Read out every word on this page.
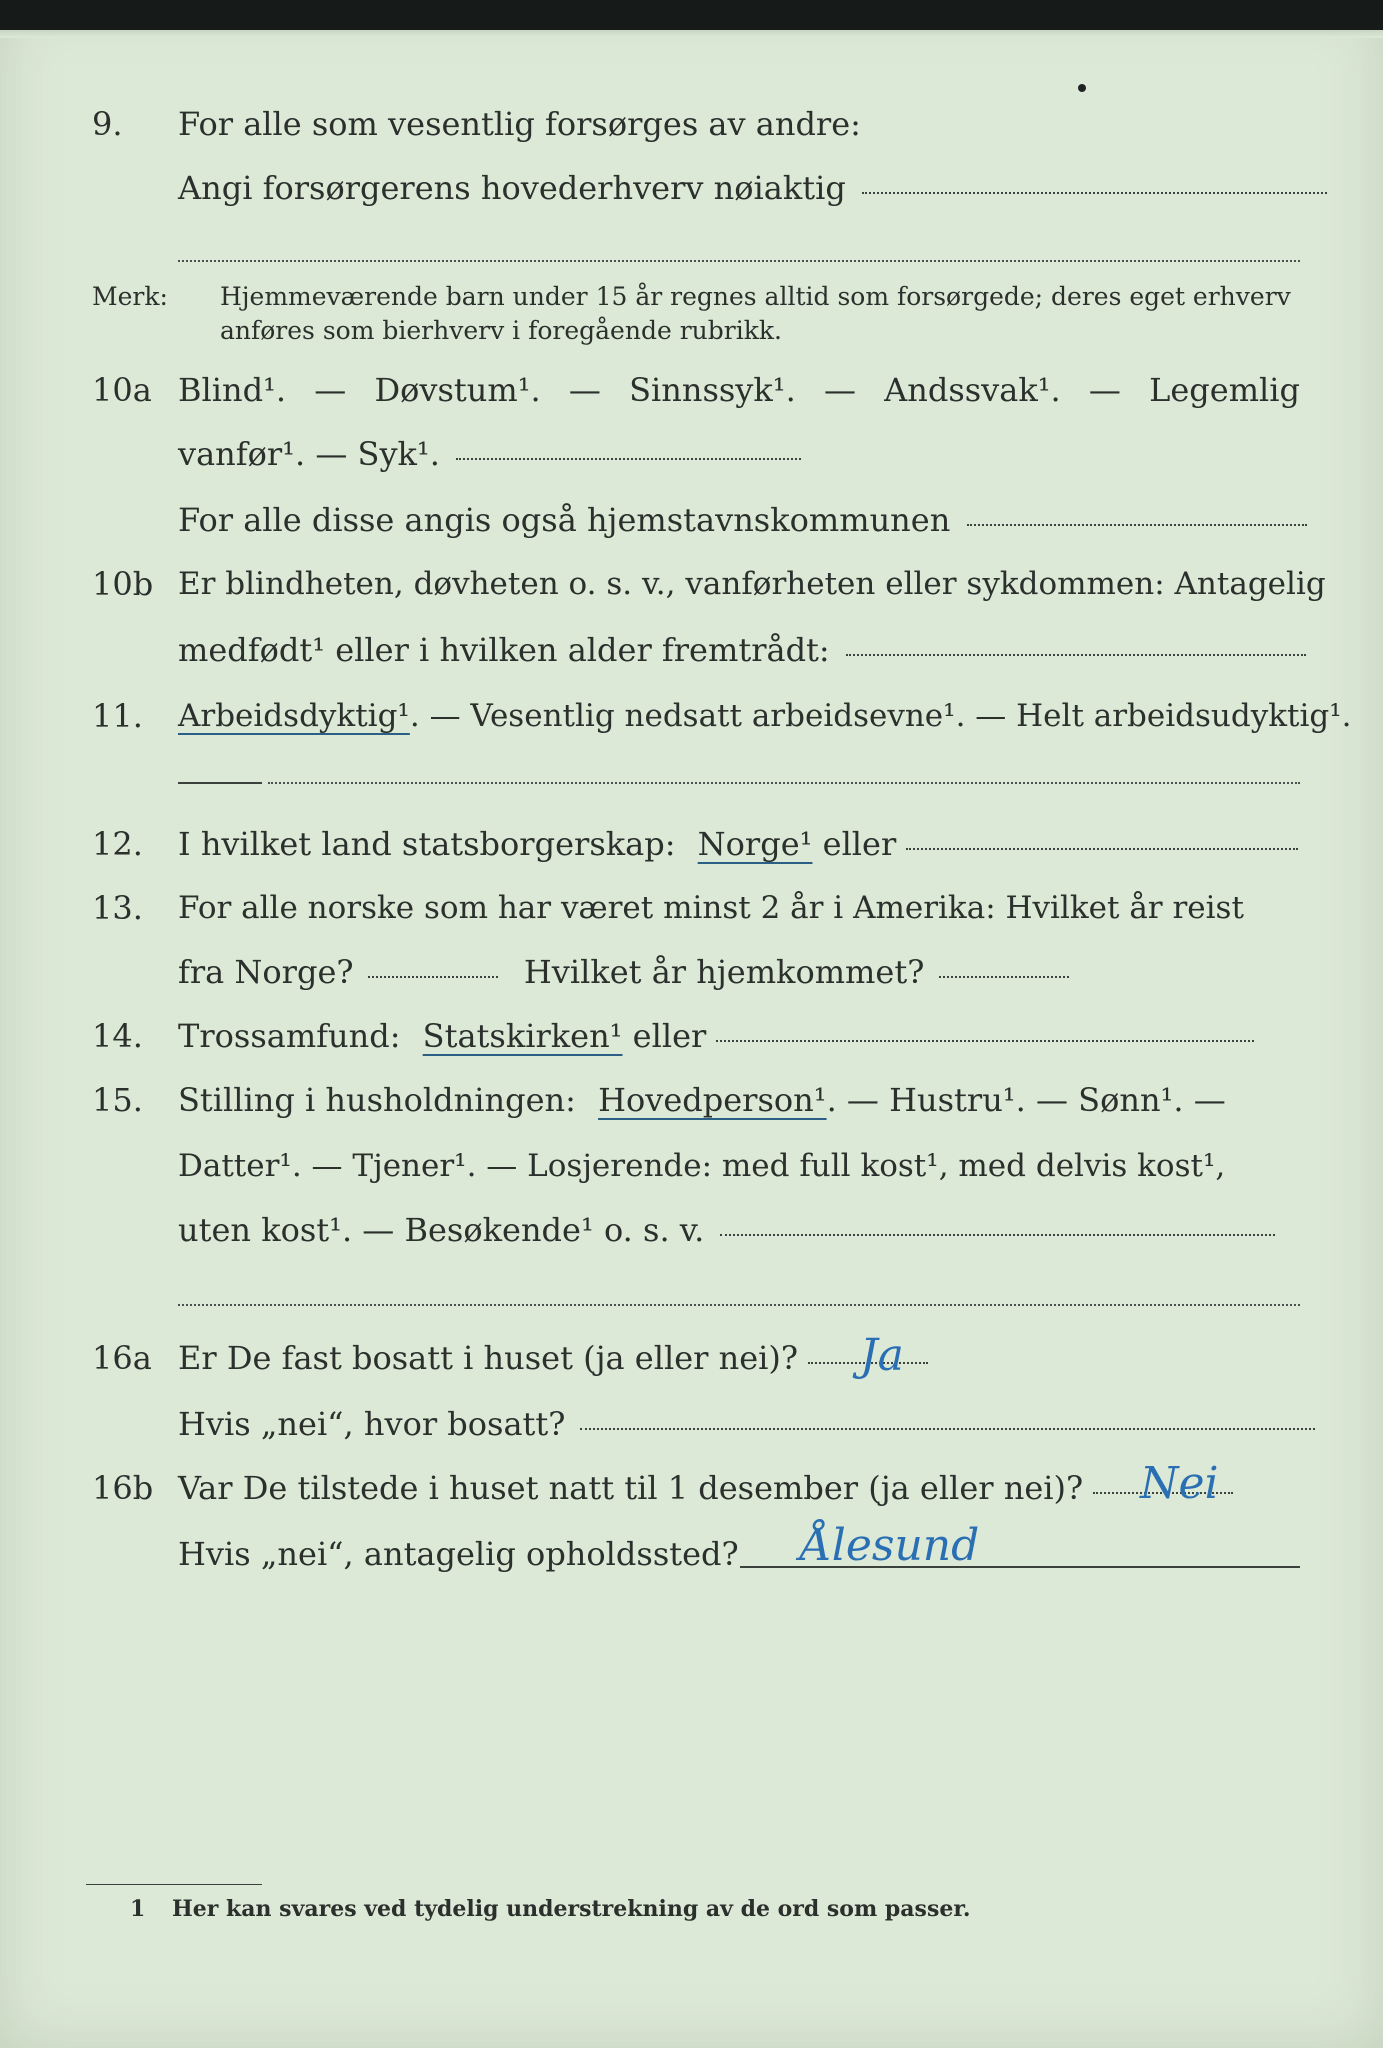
9. For alle som vesentlig forsørges av andre:
Angi forsørgerens hovederhverv nøiaktig
Merk: Hjemmeværende barn under 15 år regnes alltid som forsørgede; deres eget erhverv
anføres som bierhverv i foregående rubrikk.
10a Blind¹. — Døvstum¹. — Sinnssyk¹. — Andssvak¹. — Legemlig
vanfør¹. — Syk¹.
For alle disse angis også hjemstavnskommunen
10b Er blindheten, døvheten o. s. v., vanførheten eller sykdommen: Antagelig
medfødt¹ eller i hvilken alder fremtrådt:
11. Arbeidsdyktig¹. — Vesentlig nedsatt arbeidsevne¹. — Helt arbeidsudyktig¹.
12. I hvilket land statsborgerskap: Norge¹ eller
13. For alle norske som har været minst 2 år i Amerika: Hvilket år reist
fra Norge?	Hvilket år hjemkommet?
14. Trossamfund: Statskirken¹ eller
15. Stilling i husholdningen: Hovedperson¹. — Hustru¹. — Sønn¹. —
Datter¹. — Tjener¹. — Losjerende: med full kost¹, med delvis kost¹,
uten kost¹. — Besøkende¹ o. s. v.
16a Er De fast bosatt i huset (ja eller nei)?	Ja
Hvis „nei“, hvor bosatt?
16b Var De tilstede i huset natt til 1 desember (ja eller nei)?	Nei
Hvis „nei“, antagelig opholdssted? Ålesund
1 Her kan svares ved tydelig understrekning av de ord som passer.
